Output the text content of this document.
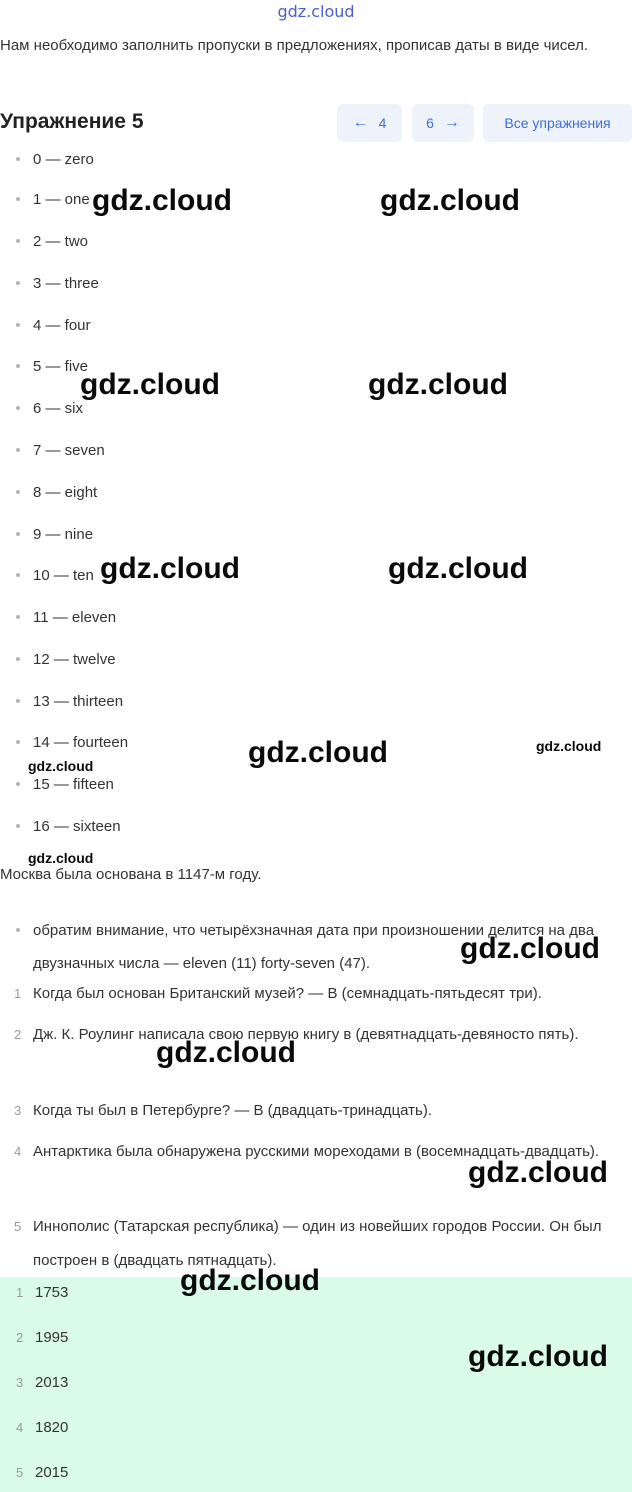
gdz.cloud
Нам необходимо заполнить пропуски в предложениях, прописав даты в виде чисел.
Упражнение 5	← 4	6 →	Все упражнения
0 — zero
1 — one
2 — two
3 — three
4 — four
5 — five
6 — six
7 — seven
8 — eight
9 — nine
10 — ten
11 — eleven
12 — twelve
13 — thirteen
14 — fourteen
15 — fifteen
16 — sixteen
Москва была основана в 1147-м году.
обратим внимание, что четырёхзначная дата при произношении делится на два двузначных числа — eleven (11) forty-seven (47).
1 Когда был основан Британский музей? — В (семнадцать-пятьдесят три).
2 Дж. К. Роулинг написала свою первую книгу в (девятнадцать-девяносто пять).
3 Когда ты был в Петербурге? — В (двадцать-тринадцать).
4 Антарктика была обнаружена русскими мореходами в (восемнадцать-двадцать).
5 Иннополис (Татарская республика) — один из новейших городов России. Он был построен в (двадцать пятнадцать).
1 1753
2 1995
3 2013
4 1820
5 2015
gdz.cloud	gdz.cloud
gdz.cloud	gdz.cloud
gdz.cloud	gdz.cloud
gdz.cloud	gdz.cloud
gdz.cloud
gdz.cloud
gdz.cloud
gdz.cloud
gdz.cloud
gdz.cloud
gdz.cloud
